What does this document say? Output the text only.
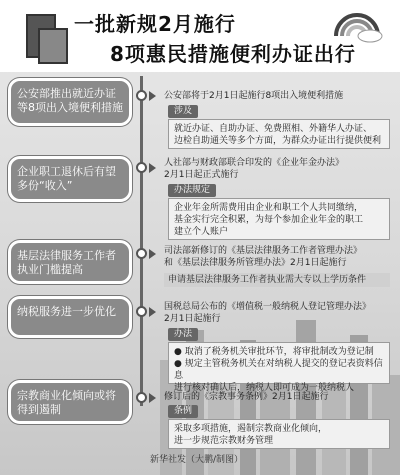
一批新规2月施行
8项惠民措施便利办证出行
公安部推出就近办证等8项出入境便利措施
公安部将于2月1日起施行8项出入境便利措施
涉及
就近办证、自助办证、免费照相、外籍华人办证、
边检自助通关等多个方面，为群众办证出行提供便利
企业职工退休后有望多份“收入”
人社部与财政部联合印发的《企业年金办法》
2月1日起正式施行
办法规定
企业年金所需费用由企业和职工个人共同缴纳，
基金实行完全积累，为每个参加企业年金的职工
建立个人账户
基层法律服务工作者执业门槛提高
司法部新修订的《基层法律服务工作者管理办法》
和《基层法律服务所管理办法》2月1日起施行
申请基层法律服务工作者执业需大专以上学历条件
纳税服务进一步优化	国税总局公布的《增值税一般纳税人登记管理办法》
2月1日起施行
办法
● 取消了税务机关审批环节，将审批制改为登记制
● 规定主管税务机关在对纳税人提交的登记表资料信息
进行核对确认后，纳税人即可成为一般纳税人
宗教商业化倾向或将得到遏制
修订后的《宗教事务条例》2月1日起施行
条例
采取多项措施，遏制宗教商业化倾向，
进一步规范宗教财务管理
新华社发（大鹏/制图）
